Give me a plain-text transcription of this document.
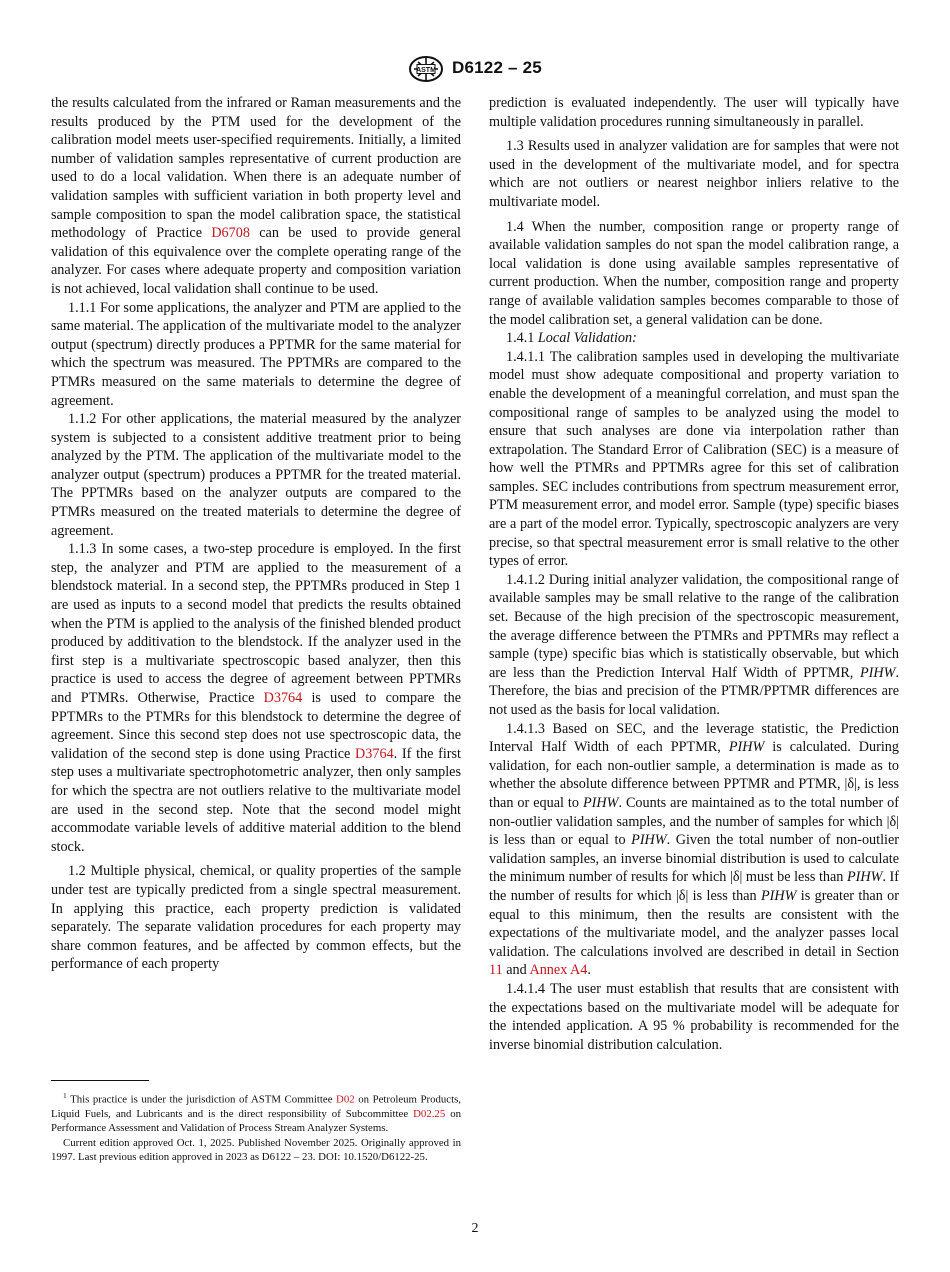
ASTM D6122 – 25

the results calculated from the infrared or Raman measurements and the results produced by the PTM used for the development of the calibration model meets user-specified requirements. Initially, a limited number of validation samples representative of current production are used to do a local validation. When there is an adequate number of validation samples with sufficient variation in both property level and sample composition to span the model calibration space, the statistical methodology of Practice D6708 can be used to provide general validation of this equivalence over the complete operating range of the analyzer. For cases where adequate property and composition variation is not achieved, local validation shall continue to be used.

1.1.1 For some applications, the analyzer and PTM are applied to the same material. The application of the multivariate model to the analyzer output (spectrum) directly produces a PPTMR for the same material for which the spectrum was measured. The PPTMRs are compared to the PTMRs measured on the same materials to determine the degree of agreement.

1.1.2 For other applications, the material measured by the analyzer system is subjected to a consistent additive treatment prior to being analyzed by the PTM. The application of the multivariate model to the analyzer output (spectrum) produces a PPTMR for the treated material. The PPTMRs based on the analyzer outputs are compared to the PTMRs measured on the treated materials to determine the degree of agreement.

1.1.3 In some cases, a two-step procedure is employed. In the first step, the analyzer and PTM are applied to the measurement of a blendstock material. In a second step, the PPTMRs produced in Step 1 are used as inputs to a second model that predicts the results obtained when the PTM is applied to the analysis of the finished blended product produced by additivation to the blendstock. If the analyzer used in the first step is a multivariate spectroscopic based analyzer, then this practice is used to access the degree of agreement between PPTMRs and PTMRs. Otherwise, Practice D3764 is used to compare the PPTMRs to the PTMRs for this blendstock to determine the degree of agreement. Since this second step does not use spectroscopic data, the validation of the second step is done using Practice D3764. If the first step uses a multivariate spectrophotometric analyzer, then only samples for which the spectra are not outliers relative to the multivariate model are used in the second step. Note that the second model might accommodate variable levels of additive material addition to the blend stock.

1.2 Multiple physical, chemical, or quality properties of the sample under test are typically predicted from a single spectral measurement. In applying this practice, each property prediction is validated separately. The separate validation procedures for each property may share common features, and be affected by common effects, but the performance of each property

$^1$ This practice is under the jurisdiction of ASTM Committee D02 on Petroleum Products, Liquid Fuels, and Lubricants and is the direct responsibility of Subcommittee D02.25 on Performance Assessment and Validation of Process Stream Analyzer Systems.

Current edition approved Oct. 1, 2025. Published November 2025. Originally approved in 1997. Last previous edition approved in 2023 as D6122 – 23. DOI: 10.1520/D6122-25.

prediction is evaluated independently. The user will typically have multiple validation procedures running simultaneously in parallel.

1.3 Results used in analyzer validation are for samples that were not used in the development of the multivariate model, and for spectra which are not outliers or nearest neighbor inliers relative to the multivariate model.

1.4 When the number, composition range or property range of available validation samples do not span the model calibration range, a local validation is done using available samples representative of current production. When the number, composition range and property range of available validation samples becomes comparable to those of the model calibration set, a general validation can be done.

1.4.1 Local Validation:

1.4.1.1 The calibration samples used in developing the multivariate model must show adequate compositional and property variation to enable the development of a meaningful correlation, and must span the compositional range of samples to be analyzed using the model to ensure that such analyses are done via interpolation rather than extrapolation. The Standard Error of Calibration (SEC) is a measure of how well the PTMRs and PPTMRs agree for this set of calibration samples. SEC includes contributions from spectrum measurement error, PTM measurement error, and model error. Sample (type) specific biases are a part of the model error. Typically, spectroscopic analyzers are very precise, so that spectral measurement error is small relative to the other types of error.

1.4.1.2 During initial analyzer validation, the compositional range of available samples may be small relative to the range of the calibration set. Because of the high precision of the spectroscopic measurement, the average difference between the PTMRs and PPTMRs may reflect a sample (type) specific bias which is statistically observable, but which are less than the Prediction Interval Half Width of PPTMR, PIHW. Therefore, the bias and precision of the PTMR/PPTMR differences are not used as the basis for local validation.

1.4.1.3 Based on SEC, and the leverage statistic, the Prediction Interval Half Width of each PPTMR, PIHW is calculated. During validation, for each non-outlier sample, a determination is made as to whether the absolute difference between PPTMR and PTMR, |δ|, is less than or equal to PIHW. Counts are maintained as to the total number of non-outlier validation samples, and the number of samples for which |δ| is less than or equal to PIHW. Given the total number of non-outlier validation samples, an inverse binomial distribution is used to calculate the minimum number of results for which |δ| must be less than PIHW. If the number of results for which |δ| is less than PIHW is greater than or equal to this minimum, then the results are consistent with the expectations of the multivariate model, and the analyzer passes local validation. The calculations involved are described in detail in Section 11 and Annex A4.

1.4.1.4 The user must establish that results that are consistent with the expectations based on the multivariate model will be adequate for the intended application. A 95 % probability is recommended for the inverse binomial distribution calculation.

2
